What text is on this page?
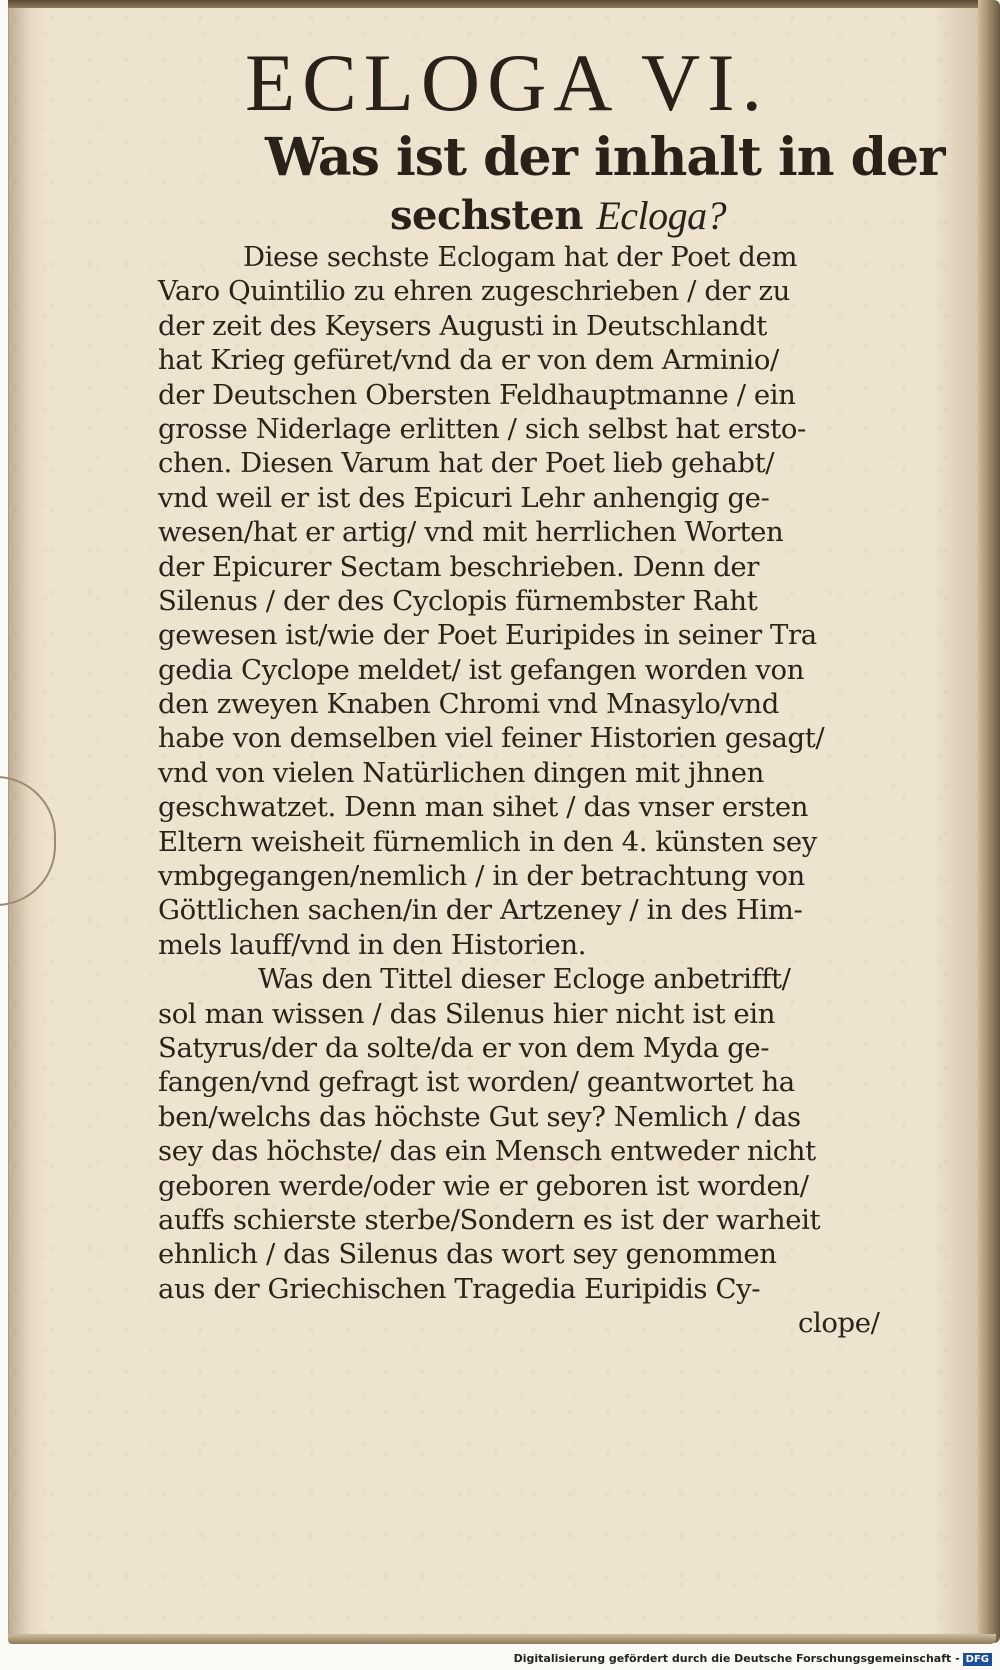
ECLOGA VI.
Was ist der inhalt in der
sechsten Ecloga?
Diese sechste Eclogam hat der Poet dem
Varo Quintilio zu ehren zugeschrieben / der zu
der zeit des Keysers Augusti in Deutschlandt
hat Krieg gefüret/vnd da er von dem Arminio/
der Deutschen Obersten Feldhauptmanne / ein
grosse Niderlage erlitten / sich selbst hat ersto-
chen. Diesen Varum hat der Poet lieb gehabt/
vnd weil er ist des Epicuri Lehr anhengig ge-
wesen/hat er artig/ vnd mit herrlichen Worten
der Epicurer Sectam beschrieben. Denn der
Silenus / der des Cyclopis fürnembster Raht
gewesen ist/wie der Poet Euripides in seiner Tra
gedia Cyclope meldet/ ist gefangen worden von
den zweyen Knaben Chromi vnd Mnasylo/vnd
habe von demselben viel feiner Historien gesagt/
vnd von vielen Natürlichen dingen mit jhnen
geschwatzet. Denn man sihet / das vnser ersten
Eltern weisheit fürnemlich in den 4. künsten sey
vmbgegangen/nemlich / in der betrachtung von
Göttlichen sachen/in der Artzeney / in des Him-
mels lauff/vnd in den Historien.
Was den Tittel dieser Ecloge anbetrifft/
sol man wissen / das Silenus hier nicht ist ein
Satyrus/der da solte/da er von dem Myda ge-
fangen/vnd gefragt ist worden/ geantwortet ha
ben/welchs das höchste Gut sey? Nemlich / das
sey das höchste/ das ein Mensch entweder nicht
geboren werde/oder wie er geboren ist worden/
auffs schierste sterbe/Sondern es ist der warheit
ehnlich / das Silenus das wort sey genommen
aus der Griechischen Tragedia Euripidis Cy-
clope/
Digitalisierung gefördert durch die Deutsche Forschungsgemeinschaft - DFG
